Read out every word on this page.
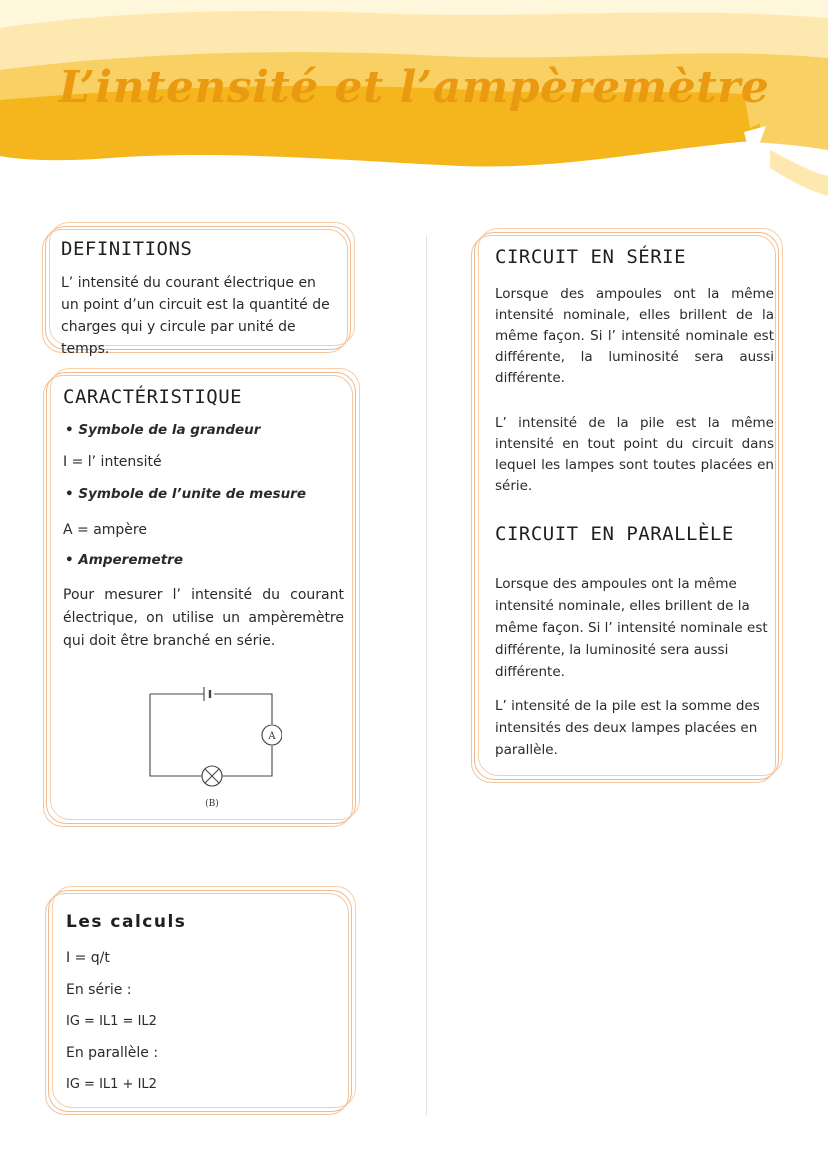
L’intensité et l’ampèremètre
DEFINITIONS

L’ intensité du courant électrique en un point d’un circuit est la quantité de charges qui y circule par unité de temps.

CARACTÉRISTIQUE

• Symbole de la grandeur

I = l’ intensité

• Symbole de l’unite de mesure

A = ampère

• Amperemetre

Pour mesurer l’ intensité du courant électrique, on utilise un ampèremètre qui doit être branché en série.

A
(B)
Les calculs

I = q/t

En série :

IG = IL1 = IL2

En parallèle :

IG = IL1 + IL2

CIRCUIT EN SÉRIE

Lorsque des ampoules ont la même intensité nominale, elles brillent de la même façon. Si l’ intensité nominale est différente, la luminosité sera aussi différente.

L’ intensité de la pile est la même intensité en tout point du circuit dans lequel les lampes sont toutes placées en série.

CIRCUIT EN PARALLÈLE

Lorsque des ampoules ont la même intensité nominale, elles brillent de la même façon. Si l’ intensité nominale est différente, la luminosité sera aussi différente.

L’ intensité de la pile est la somme des intensités des deux lampes placées en parallèle.
